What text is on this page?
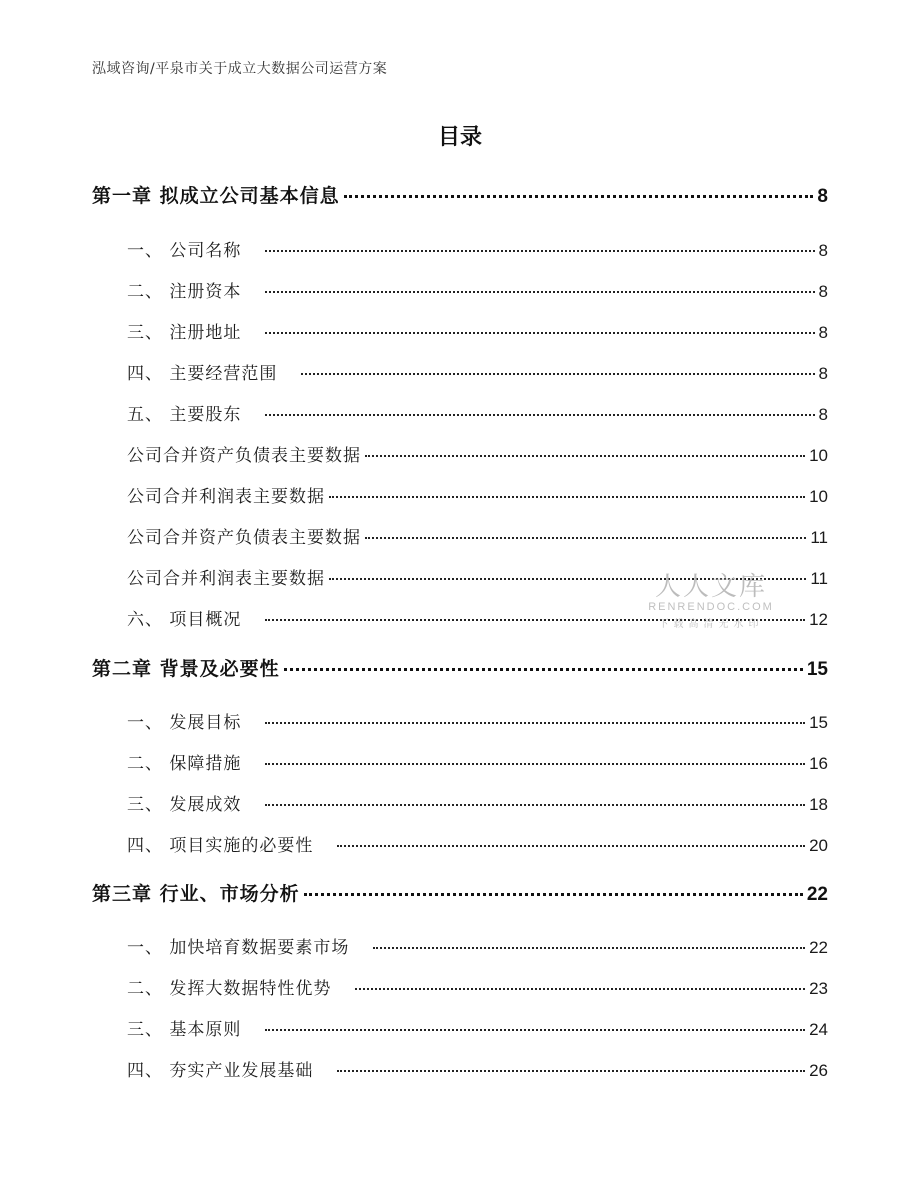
泓域咨询/平泉市关于成立大数据公司运营方案
目录
第一章 拟成立公司基本信息	8
一、 公司名称	8
二、 注册资本	8
三、 注册地址	8
四、 主要经营范围	8
五、 主要股东	8
公司合并资产负债表主要数据	10
公司合并利润表主要数据	10
公司合并资产负债表主要数据	11
公司合并利润表主要数据	11
六、 项目概况	12
第二章 背景及必要性	15
一、 发展目标	15
二、 保障措施	16
三、 发展成效	18
四、 项目实施的必要性	20
第三章 行业、市场分析	22
一、 加快培育数据要素市场	22
二、 发挥大数据特性优势	23
三、 基本原则	24
四、 夯实产业发展基础	26
人人文库
RENRENDOC.COM
下载高清无水印
